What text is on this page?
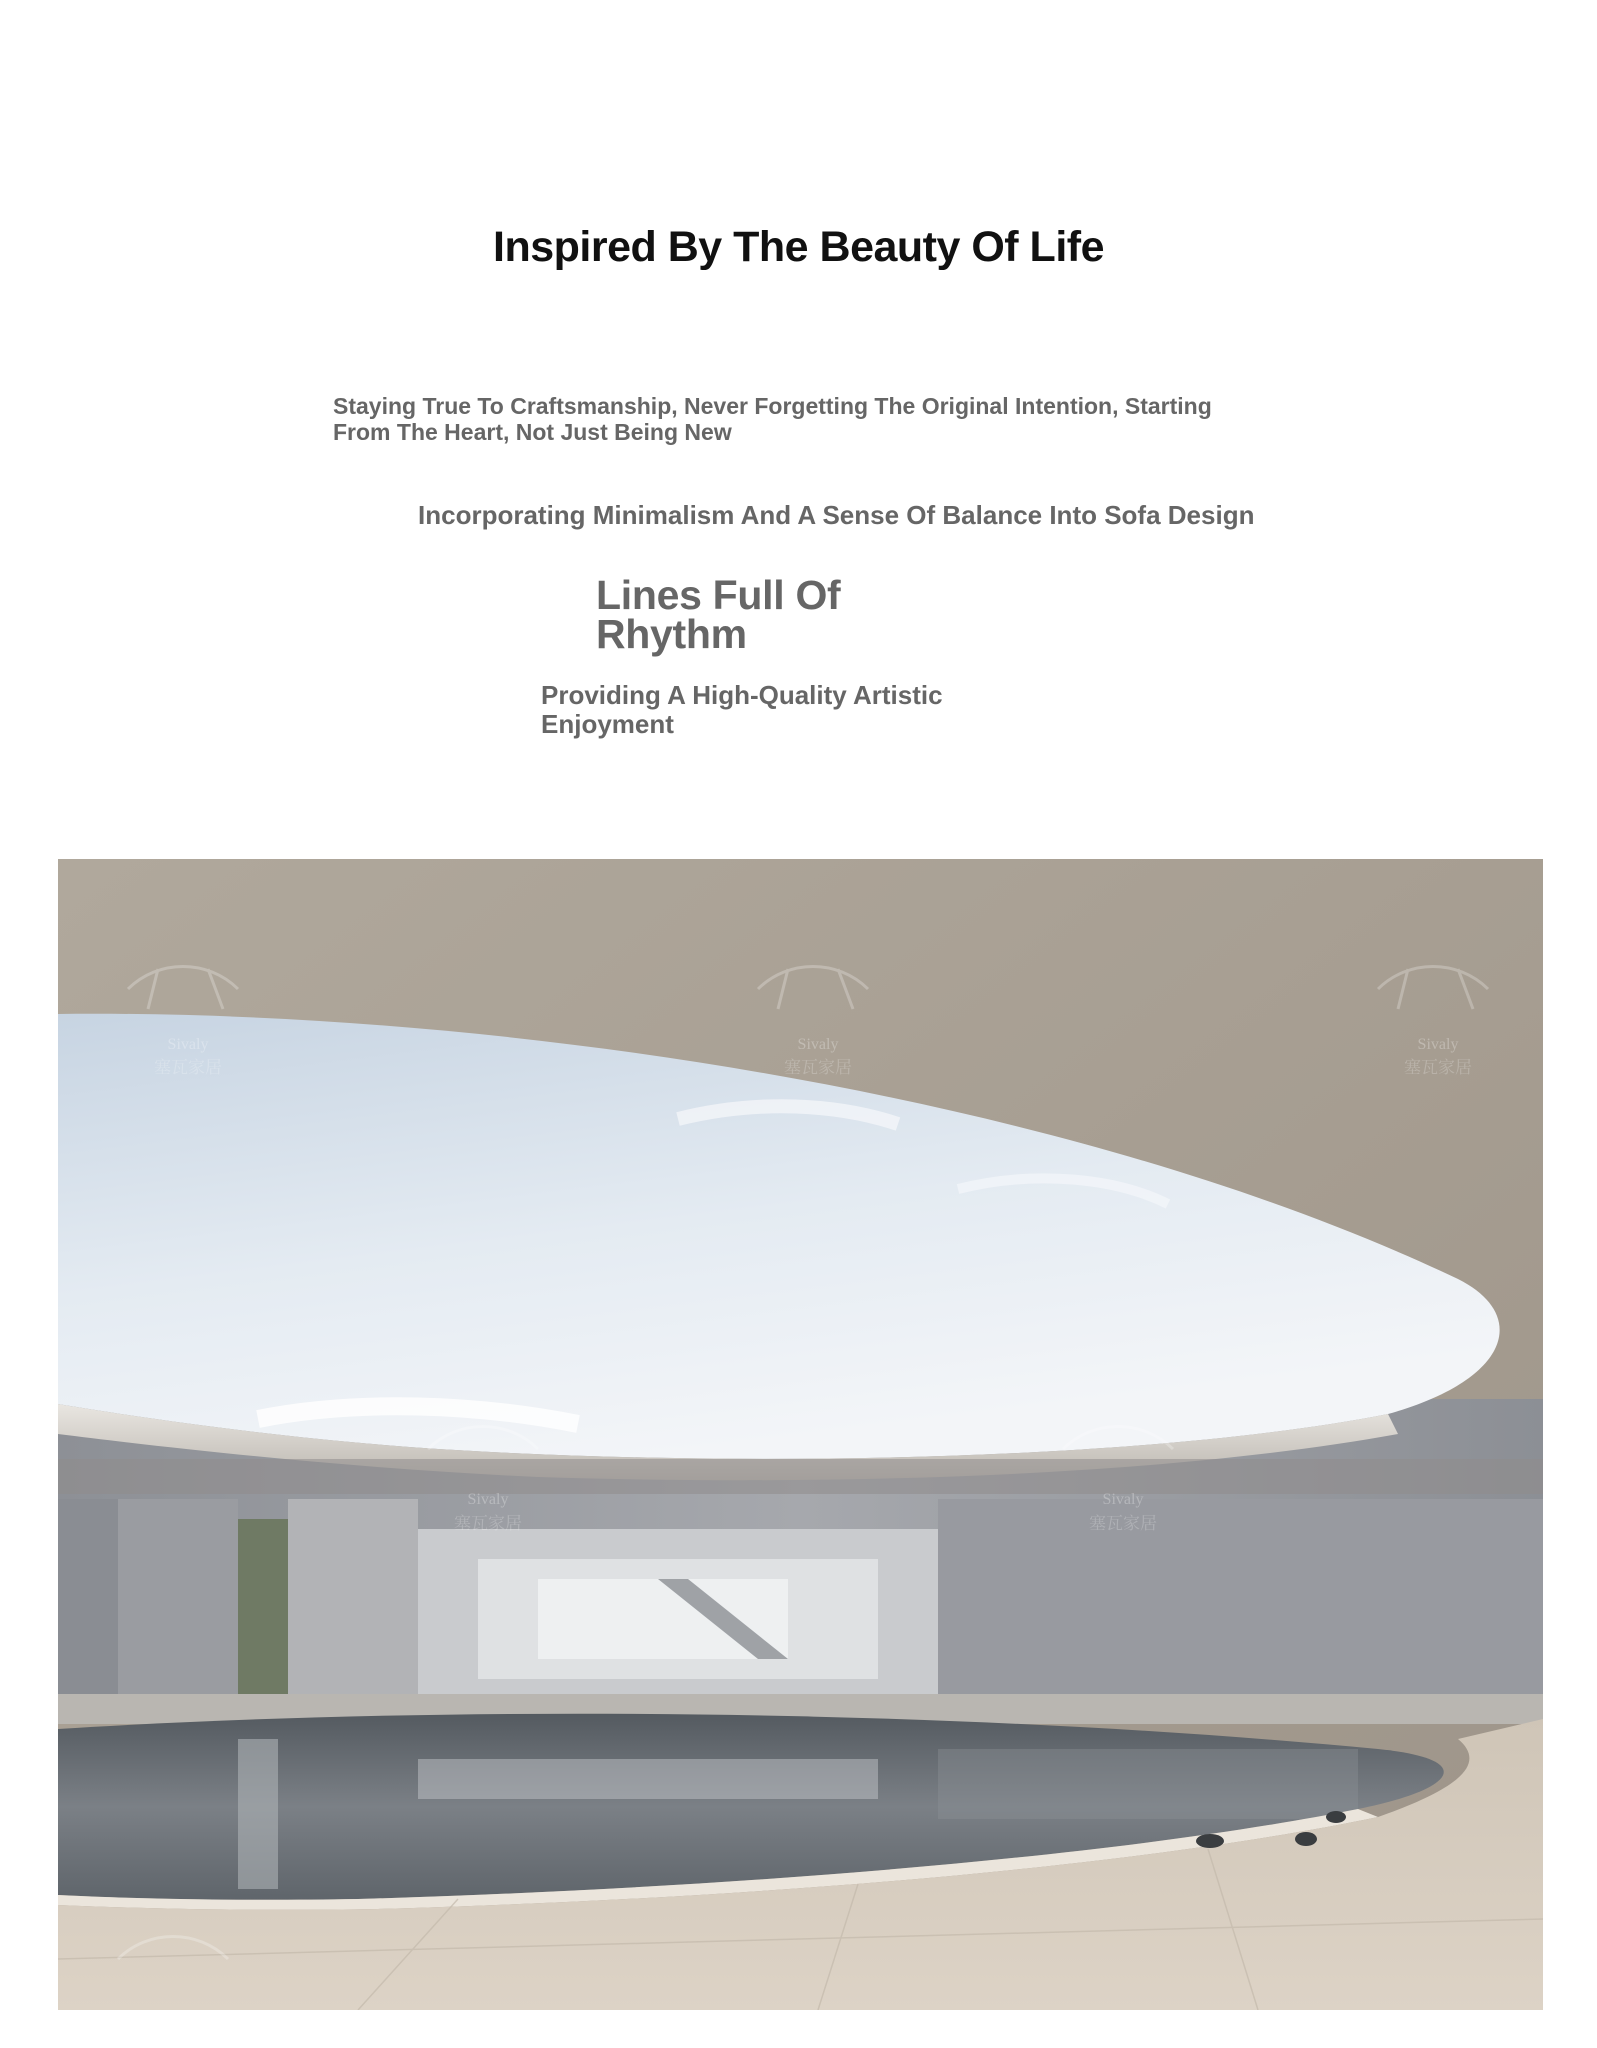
Inspired By The Beauty Of Life

Staying True To Craftsmanship, Never Forgetting The Original Intention, Starting From The Heart, Not Just Being New

Incorporating Minimalism And A Sense Of Balance Into Sofa Design

Lines Full Of Rhythm

Providing A High-Quality Artistic Enjoyment

Sivaly	Sivaly	Sivaly
Sivaly	Sivaly
塞瓦家居	塞瓦家居	塞瓦家居
塞瓦家居	塞瓦家居
